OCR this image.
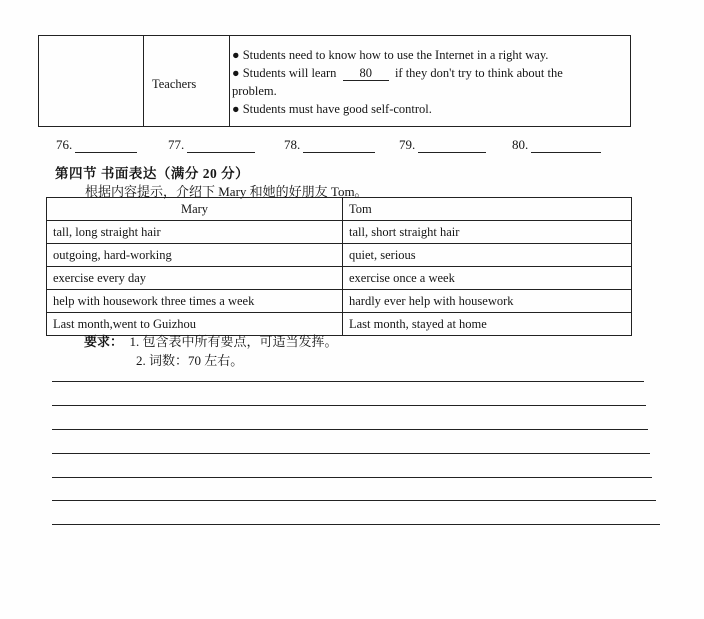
Teachers
● Students need to know how to use the Internet in a right way.
● Students will learn 80 if they don't try to think about the
problem.
● Students must have good self-control.
76.	77.	78.	79.	80.
第四节 书面表达（满分 20 分）
根据内容提示，介绍下 Mary 和她的好朋友 Tom。
Mary	Tom
tall, long straight hair	tall, short straight hair
outgoing, hard-working	quiet, serious
exercise every day	exercise once a week
help with housework three times a week	hardly ever help with housework
Last month,went to Guizhou	Last month, stayed at home
要求： 1. 包含表中所有要点，可适当发挥。
2. 词数：70 左右。
